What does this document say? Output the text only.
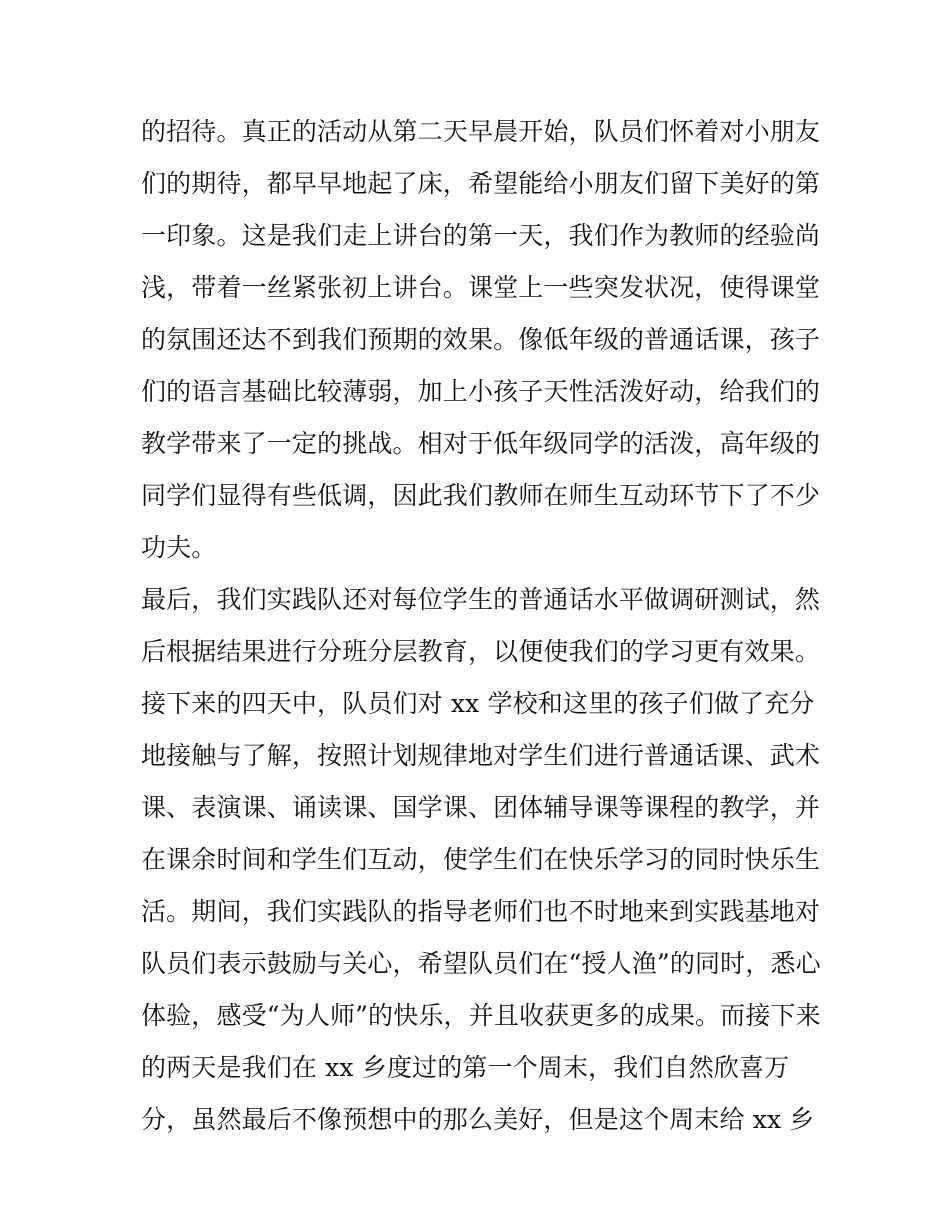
的招待。真正的活动从第二天早晨开始，队员们怀着对小朋友
们的期待，都早早地起了床，希望能给小朋友们留下美好的第
一印象。这是我们走上讲台的第一天，我们作为教师的经验尚
浅，带着一丝紧张初上讲台。课堂上一些突发状况，使得课堂
的氛围还达不到我们预期的效果。像低年级的普通话课，孩子
们的语言基础比较薄弱，加上小孩子天性活泼好动，给我们的
教学带来了一定的挑战。相对于低年级同学的活泼，高年级的
同学们显得有些低调，因此我们教师在师生互动环节下了不少
功夫。
最后，我们实践队还对每位学生的普通话水平做调研测试，然
后根据结果进行分班分层教育，以便使我们的学习更有效果。
接下来的四天中，队员们对 xx 学校和这里的孩子们做了充分
地接触与了解，按照计划规律地对学生们进行普通话课、武术
课、表演课、诵读课、国学课、团体辅导课等课程的教学，并
在课余时间和学生们互动，使学生们在快乐学习的同时快乐生
活。期间，我们实践队的指导老师们也不时地来到实践基地对
队员们表示鼓励与关心，希望队员们在“授人渔”的同时，悉心
体验，感受“为人师”的快乐，并且收获更多的成果。而接下来
的两天是我们在 xx 乡度过的第一个周末，我们自然欣喜万
分，虽然最后不像预想中的那么美好，但是这个周末给 xx 乡
